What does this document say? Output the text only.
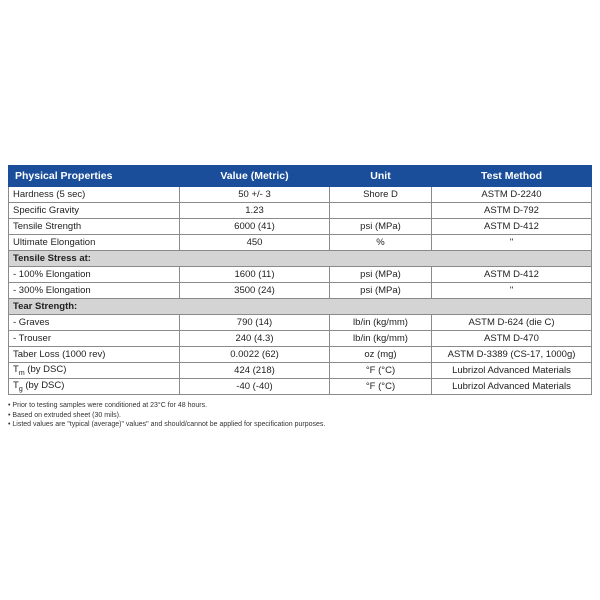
Physical Properties	Value (Metric)	Unit	Test Method
Hardness (5 sec)	50 +/- 3	Shore D	ASTM D-2240
Specific Gravity	1.23		ASTM D-792
Tensile Strength	6000 (41)	psi (MPa)	ASTM D-412
Ultimate Elongation	450	%	"
Tensile Stress at:			
- 100% Elongation	1600 (11)	psi (MPa)	ASTM D-412
- 300% Elongation	3500 (24)	psi (MPa)	"
Tear Strength:			
- Graves	790 (14)	lb/in (kg/mm)	ASTM D-624 (die C)
- Trouser	240 (4.3)	lb/in (kg/mm)	ASTM D-470
Taber Loss (1000 rev)	0.0022 (62)	oz (mg)	ASTM D-3389 (CS-17, 1000g)
$T_m$ (by DSC)	424 (218)	°F (°C)	Lubrizol Advanced Materials
$T_g$ (by DSC)	-40 (-40)	°F (°C)	Lubrizol Advanced Materials
• Prior to testing samples were conditioned at 23°C for 48 hours.
• Based on extruded sheet (30 mils).
• Listed values are "typical (average)" values" and should/cannot be applied for specification purposes.
